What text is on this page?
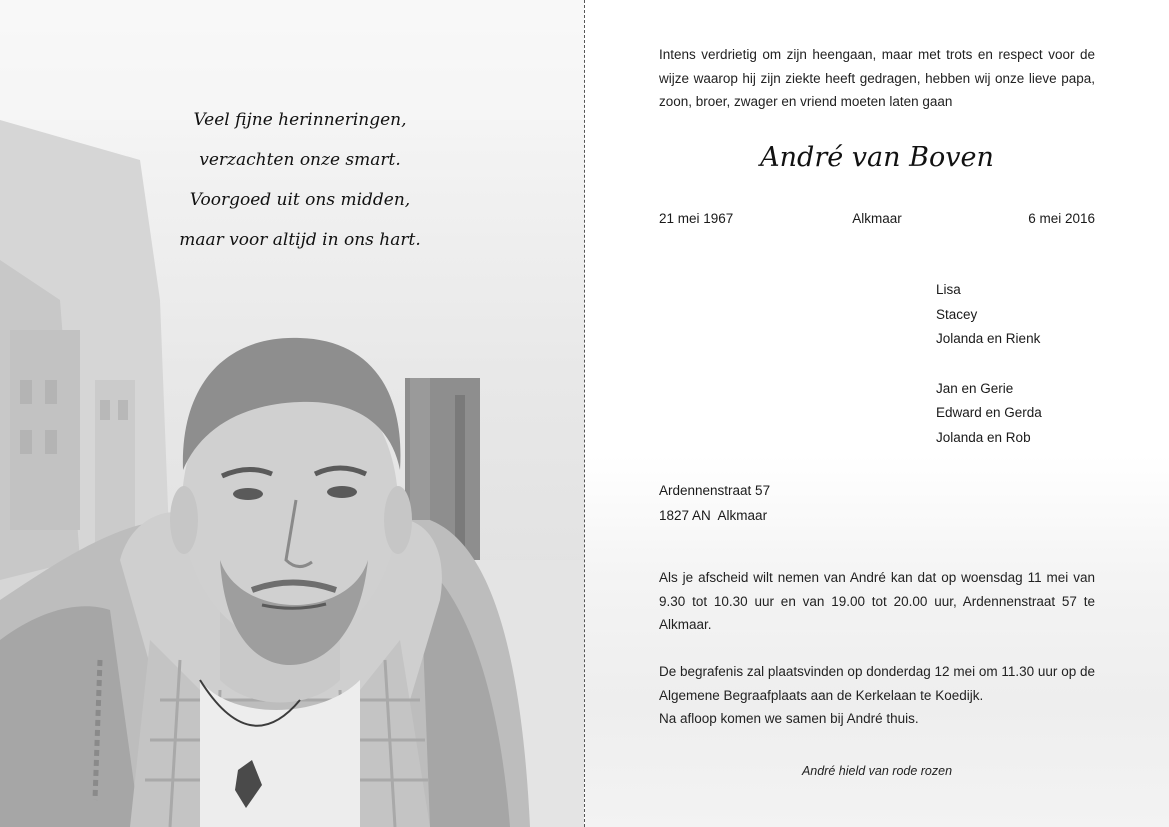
Veel fijne herinneringen,
verzachten onze smart.
Voorgoed uit ons midden,
maar voor altijd in ons hart.
Intens verdrietig om zijn heengaan, maar met trots en respect voor de wijze waarop hij zijn ziekte heeft gedragen, hebben wij onze lieve papa, zoon, broer, zwager en vriend moeten laten gaan
André van Boven
21 mei 1967	Alkmaar	6 mei 2016
Lisa
Stacey
Jolanda en Rienk
Jan en Gerie
Edward en Gerda
Jolanda en Rob
Ardennenstraat 57
1827 AN  Alkmaar
Als je afscheid wilt nemen van André kan dat op woensdag 11 mei van 9.30 tot 10.30 uur en van 19.00 tot 20.00 uur, Ardennenstraat 57 te Alkmaar.
De begrafenis zal plaatsvinden op donderdag 12 mei om 11.30 uur op de Algemene Begraafplaats aan de Kerkelaan te Koedijk.
Na afloop komen we samen bij André thuis.
André hield van rode rozen
